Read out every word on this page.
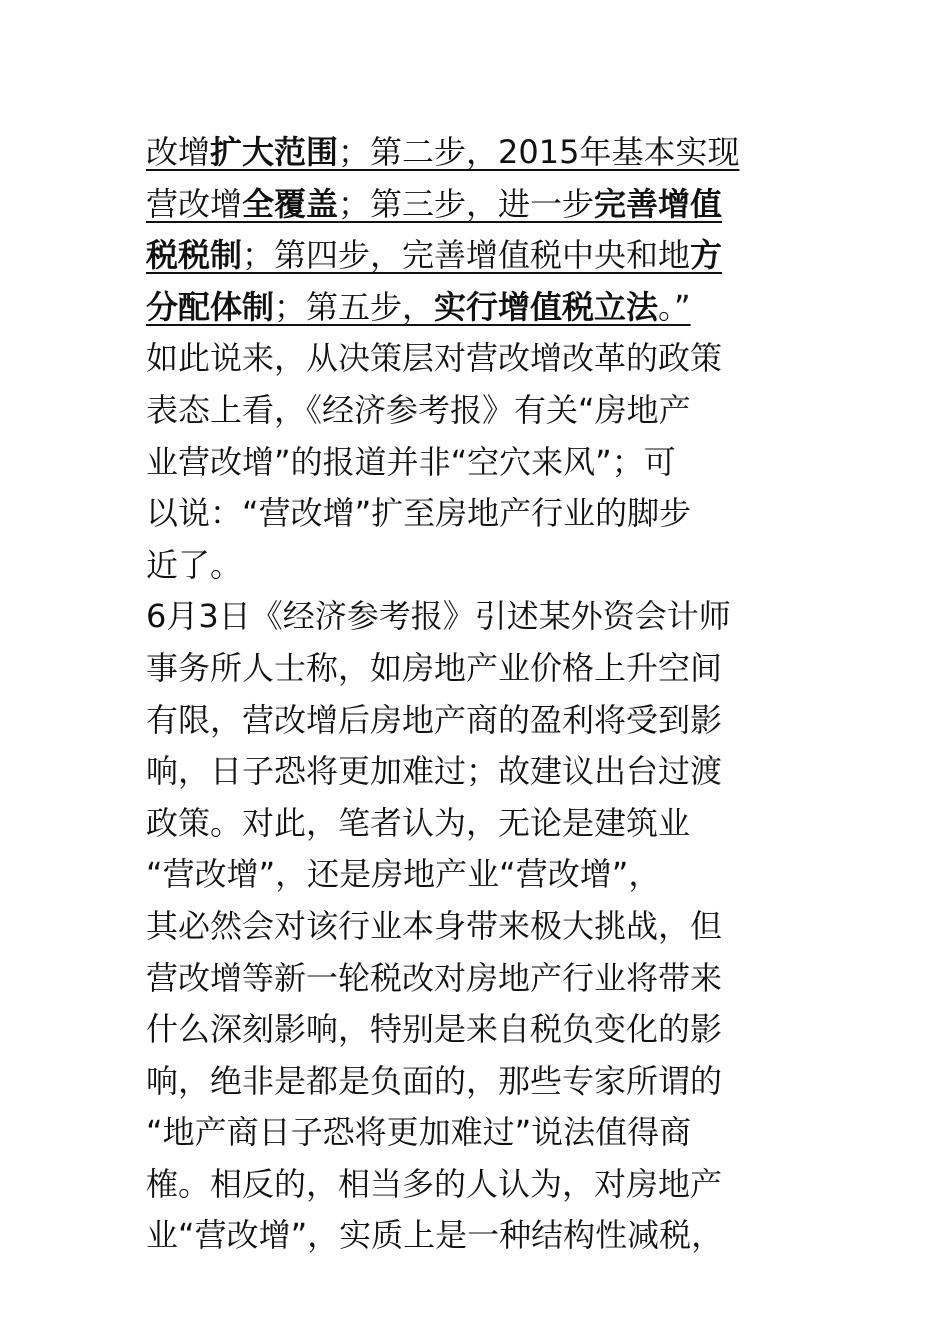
改增扩大范围；第二步，2015年基本实现
营改增全覆盖；第三步，进一步完善增值
税税制；第四步，完善增值税中央和地方
分配体制；第五步，实行增值税立法。”
如此说来，从决策层对营改增改革的政策
表态上看，《经济参考报》有关“房地产
业营改增”的报道并非“空穴来风”；可
以说：“营改增”扩至房地产行业的脚步
近了。
6月3日《经济参考报》引述某外资会计师
事务所人士称，如房地产业价格上升空间
有限，营改增后房地产商的盈利将受到影
响，日子恐将更加难过；故建议出台过渡
政策。对此，笔者认为，无论是建筑业
“营改增”，还是房地产业“营改增”，
其必然会对该行业本身带来极大挑战，但
营改增等新一轮税改对房地产行业将带来
什么深刻影响，特别是来自税负变化的影
响，绝非是都是负面的，那些专家所谓的
“地产商日子恐将更加难过”说法值得商
榷。相反的，相当多的人认为，对房地产
业“营改增”，实质上是一种结构性减税，
